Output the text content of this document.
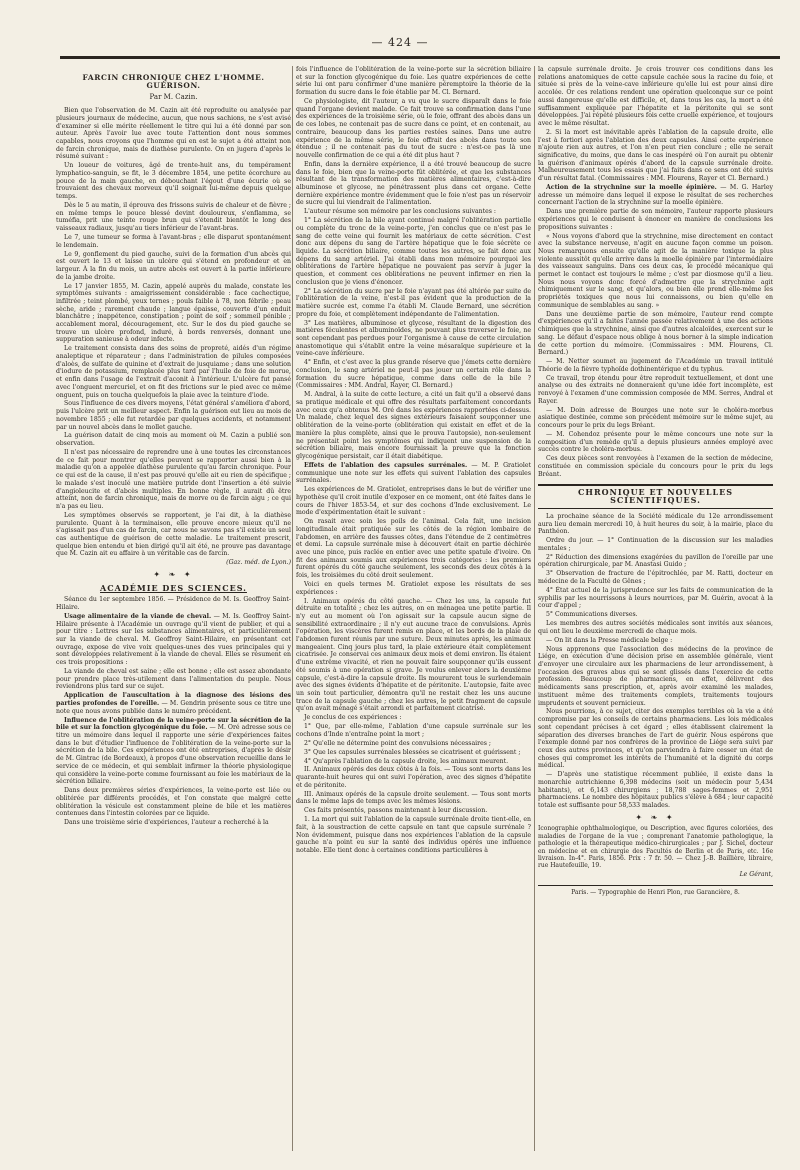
— 424 —
FARCIN CHRONIQUE CHEZ L'HOMME. GUÉRISON.
Par M. Cazin.

Bien que l'observation de M. Cazin ait été reproduite ou analysée par plusieurs journaux de médecine, aucun, que nous sachions, ne s'est avisé d'examiner si elle mérite réellement le titre qui lui a été donné par son auteur. Après l'avoir lue avec toute l'attention dont nous sommes capables, nous croyons que l'homme qui en est le sujet a été atteint non de farcin chronique, mais de diathèse purulente. On en jugera d'après le résumé suivant :

Un loueur de voitures, âgé de trente-huit ans, du tempérament lymphatico-sanguin, se fit, le 3 décembre 1854, une petite écorchure au pouce de la main gauche, en débouchant l'égout d'une écurie où se trouvaient des chevaux morveux qu'il soignait lui-même depuis quelque temps.

Dès le 5 au matin, il éprouva des frissons suivis de chaleur et de fièvre ; en même temps le pouce blessé devint douloureux, s'enflamma, se tuméfia, prit une teinte rouge brun qui s'étendit bientôt le long des vaisseaux radiaux, jusqu'au tiers inférieur de l'avant-bras.

Le 7, une tumeur se forma à l'avant-bras ; elle disparut spontanément le lendemain.

Le 9, gonflement du pied gauche, suivi de la formation d'un abcès qui est ouvert le 13 et laisse un ulcère qui s'étend en profondeur et en largeur. À la fin du mois, un autre abcès est ouvert à la partie inférieure de la jambe droite.

Le 17 janvier 1855, M. Cazin, appelé auprès du malade, constate les symptômes suivants : amaigrissement considérable : face cachectique, infiltrée ; teint plombé, yeux ternes ; pouls faible à 78, non fébrile ; peau sèche, aride ; rarement chaude ; langue épaisse, couverte d'un enduit blanchâtre ; inappétence, constipation ; point de soif ; sommeil pénible ; accablement moral, découragement, etc. Sur le dos du pied gauche se trouve un ulcère profond, induré, à bords renversés, donnant une suppuration sanieuse à odeur infecte.

Le traitement consista dans des soins de propreté, aidés d'un régime analeptique et réparateur ; dans l'administration de pilules composées d'aloès, de sulfate de quinine et d'extrait de jusquiame ; dans une solution d'iodure de potassium, remplacée plus tard par l'huile de foie de morue, et enfin dans l'usage de l'extrait d'aconit à l'intérieur. L'ulcère fut pansé avec l'onguent mercuriel, et on fit des frictions sur le pied avec ce même onguent, puis on toucha quelquefois la plaie avec la teinture d'iode.

Sous l'influence de ces divers moyens, l'état général s'améliora d'abord, puis l'ulcère prit un meilleur aspect. Enfin la guérison eut lieu au mois de novembre 1855 ; elle fut retardée par quelques accidents, et notamment par un nouvel abcès dans le mollet gauche.

La guérison datait de cinq mois au moment où M. Cazin a publié son observation.

Il n'est pas nécessaire de reprendre une à une toutes les circonstances de ce fait pour montrer qu'elles peuvent se rapporter aussi bien à la maladie qu'on a appelée diathèse purulente qu'au farcin chronique. Pour ce qui est de la cause, il n'est pas prouvé qu'elle ait eu rien de spécifique ; le malade s'est inoculé une matière putride dont l'insertion a été suivie d'angioleucite et d'abcès multiples. En bonne règle, il aurait dû être atteint, non de farcin chronique, mais de morve ou de farcin aigu ; ce qui n'a pas eu lieu.

Les symptômes observés se rapportent, je l'ai dit, à la diathèse purulente. Quant à la terminaison, elle prouve encore mieux qu'il ne s'agissait pas d'un cas de farcin, car nous ne savons pas s'il existe un seul cas authentique de guérison de cette maladie. Le traitement prescrit, quelque bien entendu et bien dirigé qu'il ait été, ne prouve pas davantage que M. Cazin ait eu affaire à un véritable cas de farcin.

(Gaz. méd. de Lyon.)
✦ ❧ ✦
ACADÉMIE DES SCIENCES.

Séance du 1er septembre 1856. — Présidence de M. Is. Geoffroy Saint-Hilaire.

Usage alimentaire de la viande de cheval. — M. Is. Geoffroy Saint-Hilaire présente à l'Académie un ouvrage qu'il vient de publier, et qui a pour titre : Lettres sur les substances alimentaires, et particulièrement sur la viande de cheval. M. Geoffroy Saint-Hilaire, en présentant cet ouvrage, expose de vive voix quelques-unes des vues principales qui y sont développées relativement à la viande de cheval. Elles se résument en ces trois propositions :

La viande de cheval est saine ; elle est bonne ; elle est assez abondante pour prendre place très-utilement dans l'alimentation du peuple. Nous reviendrons plus tard sur ce sujet.

Application de l'auscultation à la diagnose des lésions des parties profondes de l'oreille. — M. Gendrin présente sous ce titre une note que nous avons publiée dans le numéro précédent.

Influence de l'oblitération de la veine-porte sur la sécrétion de la bile et sur la fonction glycogénique du foie. — M. Oré adresse sous ce titre un mémoire dans lequel il rapporte une série d'expériences faites dans le but d'étudier l'influence de l'oblitération de la veine-porte sur la sécrétion de la bile. Ces expériences ont été entreprises, d'après le désir de M. Gintrac (de Bordeaux), à propos d'une observation recueillie dans le service de ce médecin, et qui semblait infirmer la théorie physiologique qui considère la veine-porte comme fournissant au foie les matériaux de la sécrétion biliaire.

Dans deux premières séries d'expériences, la veine-porte est liée ou oblitérée par différents procédés, et l'on constate que malgré cette oblitération la vésicule est constamment pleine de bile et les matières contenues dans l'intestin colorées par ce liquide.

Dans une troisième série d'expériences, l'auteur a recherché à la

fois l'influence de l'oblitération de la veine-porte sur la sécrétion biliaire et sur la fonction glycogénique du foie. Les quatre expériences de cette série lui ont paru confirmer d'une manière péremptoire la théorie de la formation du sucre dans le foie établie par M. Cl. Bernard.

Ce physiologiste, dit l'auteur, a vu que le sucre disparaît dans le foie quand l'organe devient malade. Ce fait trouve sa confirmation dans l'une des expériences de la troisième série, où le foie, offrant des abcès dans un de ces lobes, ne contenait pas de sucre dans ce point, et en contenait, au contraire, beaucoup dans les parties restées saines. Dans une autre expérience de la même série, le foie offrait des abcès dans toute son étendue ; il ne contenait pas du tout de sucre : n'est-ce pas là une nouvelle confirmation de ce qui a été dit plus haut ?

Enfin, dans la dernière expérience, il a été trouvé beaucoup de sucre dans le foie, bien que la veine-porte fût oblitérée, et que les substances résultant de la transformation des matières alimentaires, c'est-à-dire albuminose et glycose, ne pénétrassent plus dans cet organe. Cette dernière expérience montre évidemment que le foie n'est pas un réservoir de sucre qui lui viendrait de l'alimentation.

L'auteur résume son mémoire par les conclusions suivantes :

1° La sécrétion de la bile ayant continué malgré l'oblitération partielle ou complète du tronc de la veine-porte, j'en conclus que ce n'est pas le sang de cette veine qui fournit les matériaux de cette sécrétion. C'est donc aux dépens du sang de l'artère hépatique que le foie sécrète ce liquide. La sécrétion biliaire, comme toutes les autres, se fait donc aux dépens du sang artériel. J'ai établi dans mon mémoire pourquoi les oblitérations de l'artère hépatique ne pouvaient pas servir à juger la question, et comment ces oblitérations ne peuvent infirmer en rien la conclusion que je viens d'énoncer.

2° La sécrétion du sucre par le foie n'ayant pas été altérée par suite de l'oblitération de la veine, n'est-il pas évident que la production de la matière sucrée est, comme l'a établi M. Claude Bernard, une sécrétion propre du foie, et complètement indépendante de l'alimentation.

3° Les matières, albuminose et glycose, résultant de la digestion des matières féculentes et albuminoïdes, ne pouvant plus traverser le foie, ne sont cependant pas perdues pour l'organisme à cause de cette circulation anastomotique qui s'établit entre la veine mésaraïque supérieure et la veine-cave inférieure.

4° Enfin, et c'est avec la plus grande réserve que j'émets cette dernière conclusion, le sang artériel ne peut-il pas jouer un certain rôle dans la formation du sucre hépatique, comme dans celle de la bile ? (Commissaires : MM. Andral, Rayer, Cl. Bernard.)

M. Andral, à la suite de cette lecture, a cité un fait qu'il a observé dans sa pratique médicale et qui offre des résultats parfaitement concordants avec ceux qu'a obtenus M. Oré dans les expériences rapportées ci-dessus. Un malade, chez lequel des signes extérieurs faisaient soupçonner une oblitération de la veine-porte (oblitération qui existait en effet et de la manière la plus complète, ainsi que le prouva l'autopsie), non-seulement ne présentait point les symptômes qui indiquent une suspension de la sécrétion biliaire, mais encore fournissait la preuve que la fonction glycogénique persistait, car il était diabétique.

Effets de l'ablation des capsules surrénales. — M. P. Gratiolet communique une note sur les effets qui suivent l'ablation des capsules surrénales.

Les expériences de M. Gratiolet, entreprises dans le but de vérifier une hypothèse qu'il croit inutile d'exposer en ce moment, ont été faites dans le cours de l'hiver 1853-54, et sur des cochons d'Inde exclusivement. Le mode d'expérimentation était le suivant :

On rasait avec soin les poils de l'animal. Cela fait, une incision longitudinale était pratiquée sur les côtés de la région lombaire de l'abdomen, en arrière des fausses côtes, dans l'étendue de 2 centimètres et demi. La capsule surrénale mise à découvert était en partie déchirée avec une pince, puis raclée en entier avec une petite spatule d'ivoire. On fit des animaux soumis aux expériences trois catégories : les premiers furent opérés du côté gauche seulement, les seconds des deux côtés à la fois, les troisièmes du côté droit seulement.

Voici en quels termes M. Gratiolet expose les résultats de ses expériences :

I. Animaux opérés du côté gauche. — Chez les uns, la capsule fut détruite en totalité ; chez les autres, on en ménagea une petite partie. Il n'y eut au moment où l'on agissait sur la capsule aucun signe de sensibilité extraordinaire ; il n'y eut aucune trace de convulsions. Après l'opération, les viscères furent remis en place, et les bords de la plaie de l'abdomen furent réunis par une suture. Deux minutes après, les animaux mangeaient. Cinq jours plus tard, la plaie extérieure était complètement cicatrisée. Je conservai ces animaux deux mois et demi environ. Ils étaient d'une extrême vivacité, et rien ne pouvait faire soupçonner qu'ils eussent été soumis à une opération si grave. Je voulus enlever alors la deuxième capsule, c'est-à-dire la capsule droite. Ils moururent tous le surlendemain avec des signes évidents d'hépatite et de péritonite. L'autopsie, faite avec un soin tout particulier, démontra qu'il ne restait chez les uns aucune trace de la capsule gauche ; chez les autres, le petit fragment de capsule qu'on avait ménagé s'était arrondi et parfaitement cicatrisé.

Je conclus de ces expériences :

1° Que, par elle-même, l'ablation d'une capsule surrénale sur les cochons d'Inde n'entraîne point la mort ;

2° Qu'elle ne détermine point des convulsions nécessaires ;

3° Que les capsules surrénales blessées se cicatrisent et guérissent ;

4° Qu'après l'ablation de la capsule droite, les animaux meurent.

II. Animaux opérés des deux côtés à la fois. — Tous sont morts dans les quarante-huit heures qui ont suivi l'opération, avec des signes d'hépatite et de péritonite.

III. Animaux opérés de la capsule droite seulement. — Tous sont morts dans le même laps de temps avec les mêmes lésions.

Ces faits présentés, passons maintenant à leur discussion.

1. La mort qui suit l'ablation de la capsule surrénale droite tient-elle, en fait, à la soustraction de cette capsule en tant que capsule surrénale ? Non évidemment, puisque dans nos expériences l'ablation de la capsule gauche n'a point eu sur la santé des individus opérés une influence notable. Elle tient donc à certaines conditions particulières à

la capsule surrénale droite. Je crois trouver ces conditions dans les relations anatomiques de cette capsule cachée sous la racine du foie, et située si près de la veine-cave inférieure qu'elle lui est pour ainsi dire accolée. Or ces relations rendent une opération quelconque sur ce point aussi dangereuse qu'elle est difficile, et, dans tous les cas, la mort a été suffisamment expliquée par l'hépatite et la péritonite qui se sont développées. J'ai répété plusieurs fois cette cruelle expérience, et toujours avec le même résultat.

2. Si la mort est inévitable après l'ablation de la capsule droite, elle l'est à fortiori après l'ablation des deux capsules. Ainsi cette expérience n'ajoute rien aux autres, et l'on n'en peut rien conclure ; elle ne serait significative, du moins, que dans le cas inespéré où l'on aurait pu obtenir la guérison d'animaux opérés d'abord de la capsule surrénale droite. Malheureusement tous les essais que j'ai faits dans ce sens ont été suivis d'un résultat fatal. (Commissaires : MM. Flourens, Rayer et Cl. Bernard.)

Action de la strychnine sur la moelle épinière. — M. G. Harley adresse un mémoire dans lequel il expose le résultat de ses recherches concernant l'action de la strychnine sur la moelle épinière.

Dans une première partie de son mémoire, l'auteur rapporte plusieurs expériences qui le conduisent à énoncer en manière de conclusions les propositions suivantes :

« Nous voyons d'abord que la strychnine, mise directement en contact avec la substance nerveuse, n'agit en aucune façon comme un poison. Nous remarquons ensuite qu'elle agit de la manière toxique la plus violente aussitôt qu'elle arrive dans la moelle épinière par l'intermédiaire des vaisseaux sanguins. Dans ces deux cas, le procédé mécanique qui permet le contact est toujours le même ; c'est par diosmose qu'il a lieu. Nous nous voyons donc forcé d'admettre que la strychnine agit chimiquement sur le sang, et qu'alors, ou bien elle prend elle-même les propriétés toxiques que nous lui connaissons, ou bien qu'elle en communique de semblables au sang. »

Dans une deuxième partie de son mémoire, l'auteur rend compte d'expériences qu'il a faites l'année passée relativement à une des actions chimiques que la strychnine, ainsi que d'autres alcaloïdes, exercent sur le sang. Le défaut d'espace nous oblige à nous borner à la simple indication de cette portion du mémoire. (Commissaires : MM. Flourens, Cl. Bernard.)

— M. Netter soumet au jugement de l'Académie un travail intitulé Théorie de la fièvre typhoïde dothinentérique et du typhus.

Ce travail, trop étendu pour être reproduit textuellement, et dont une analyse ou des extraits ne donneraient qu'une idée fort incomplète, est renvoyé à l'examen d'une commission composée de MM. Serres, Andral et Rayer.

— M. Doin adresse de Bourges une note sur le choléra-morbus asiatique destinée, comme son précédent mémoire sur le même sujet, au concours pour le prix du legs Bréant.

— M. Cohendoz présente pour le même concours une note sur la composition d'un remède qu'il a depuis plusieurs années employé avec succès contre le choléra-morbus.

Ces deux pièces sont renvoyées à l'examen de la section de médecine, constituée en commission spéciale du concours pour le prix du legs Bréant.

CHRONIQUE ET NOUVELLES SCIENTIFIQUES.

La prochaine séance de la Société médicale du 12e arrondissement aura lieu demain mercredi 10, à huit heures du soir, à la mairie, place du Panthéon.

Ordre du jour. — 1° Continuation de la discussion sur les maladies mentales ;

2° Réduction des dimensions exagérées du pavillon de l'oreille par une opération chirurgicale, par M. Anastasi Guido ;

3° Observation de fracture de l'épitrochlée, par M. Ratti, docteur en médecine de la Faculté de Gênes ;

4° État actuel de la jurisprudence sur les faits de communication de la syphilis par les nourrissons à leurs nourrices, par M. Guérin, avocat à la cour d'appel ;

5° Communications diverses.

Les membres des autres sociétés médicales sont invités aux séances, qui ont lieu le deuxième mercredi de chaque mois.

— On lit dans la Presse médicale belge :

Nous apprenons que l'association des médecins de la province de Liége, en exécution d'une décision prise en assemblée générale, vient d'envoyer une circulaire aux les pharmaciens de leur arrondissement, à l'occasion des graves abus qui se sont glissés dans l'exercice de cette profession. Beaucoup de pharmaciens, en effet, délivrent des médicaments sans prescription, et, après avoir examiné les malades, instituent même des traitements complets, traitements toujours imprudents et souvent pernicieux.

Nous pourrions, à ce sujet, citer des exemples terribles où la vie a été compromise par les conseils de certains pharmaciens. Les lois médicales sont cependant précises à cet égard ; elles établissent clairement la séparation des diverses branches de l'art de guérir. Nous espérons que l'exemple donné par nos confrères de la province de Liége sera suivi par ceux des autres provinces, et qu'on parviendra à faire cesser un état de choses qui compromet les intérêts de l'humanité et la dignité du corps médical.

— D'après une statistique récemment publiée, il existe dans la monarchie autrichienne 6,398 médecins (soit un médecin pour 5,434 habitants), et 6,143 chirurgiens ; 18,788 sages-femmes et 2,951 pharmaciens. Le nombre des hôpitaux publics s'élève à 684 ; leur capacité totale est suffisante pour 58,533 malades.

✦ ❧ ✦

Iconographie ophthalmologique, ou Description, avec figures coloriées, des maladies de l'organe de la vue ; comprenant l'anatomie pathologique, la pathologie et la thérapeutique médico-chirurgicales ; par J. Sichel, docteur en médecine et en chirurgie des Facultés de Berlin et de Paris, etc. 16e livraison. In-4°. Paris, 1856. Prix : 7 fr. 50. — Chez J.-B. Baillière, libraire, rue Hautefeuille, 19.

Le Gérant,
Paris. — Typographie de Henri Plon, rue Garancière, 8.
